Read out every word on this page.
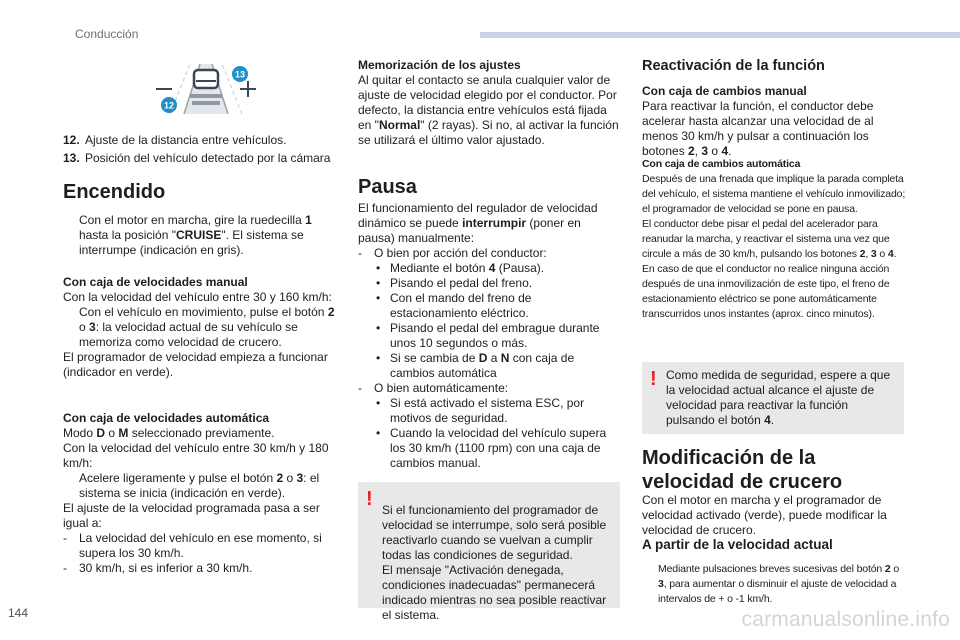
Conducción
12
13
12. Ajuste de la distancia entre vehículos.
13. Posición del vehículo detectado por la cámara
Encendido
Con el motor en marcha, gire la ruedecilla 1 hasta la posición "CRUISE". El sistema se interrumpe (indicación en gris).

Con caja de velocidades manual

Con la velocidad del vehículo entre 30 y 160 km/h:

Con el vehículo en movimiento, pulse el botón 2 o 3: la velocidad actual de su vehículo se memoriza como velocidad de crucero.

El programador de velocidad empieza a funcionar (indicador en verde).

Con caja de velocidades automática

Modo D o M seleccionado previamente.

Con la velocidad del vehículo entre 30 km/h y 180 km/h:

Acelere ligeramente y pulse el botón 2 o 3: el sistema se inicia (indicación en verde).

El ajuste de la velocidad programada pasa a ser igual a:

- La velocidad del vehículo en ese momento, si supera los 30 km/h.
- 30 km/h, si es inferior a 30 km/h.

Memorización de los ajustes

Al quitar el contacto se anula cualquier valor de ajuste de velocidad elegido por el conductor. Por defecto, la distancia entre vehículos está fijada en "Normal" (2 rayas). Si no, al activar la función se utilizará el último valor ajustado.

Pausa

El funcionamiento del regulador de velocidad dinámico se puede interrumpir (poner en pausa) manualmente:

- O bien por acción del conductor:
• Mediante el botón 4 (Pausa).
• Pisando el pedal del freno.
• Con el mando del freno de estacionamiento eléctrico.
• Pisando el pedal del embrague durante unos 10 segundos o más.
• Si se cambia de D a N con caja de cambios automática
- O bien automáticamente:
• Si está activado el sistema ESC, por motivos de seguridad.
• Cuando la velocidad del vehículo supera los 30 km/h (1100 rpm) con una caja de cambios manual.

! Si el funcionamiento del programador de velocidad se interrumpe, solo será posible reactivarlo cuando se vuelvan a cumplir todas las condiciones de seguridad.
El mensaje "Activación denegada, condiciones inadecuadas" permanecerá indicado mientras no sea posible reactivar el sistema.

Reactivación de la función

Con caja de cambios manual

Para reactivar la función, el conductor debe acelerar hasta alcanzar una velocidad de al menos 30 km/h y pulsar a continuación los botones 2, 3 o 4.

Con caja de cambios automática

Después de una frenada que implique la parada completa del vehículo, el sistema mantiene el vehículo inmovilizado; el programador de velocidad se pone en pausa.

El conductor debe pisar el pedal del acelerador para reanudar la marcha, y reactivar el sistema una vez que circule a más de 30 km/h, pulsando los botones 2, 3 o 4.

En caso de que el conductor no realice ninguna acción después de una inmovilización de este tipo, el freno de estacionamiento eléctrico se pone automáticamente transcurridos unos instantes (aprox. cinco minutos).

! Como medida de seguridad, espere a que la velocidad actual alcance el ajuste de velocidad para reactivar la función pulsando el botón 4.
Modificación de la velocidad de crucero
Con el motor en marcha y el programador de velocidad activado (verde), puede modificar la velocidad de crucero.
A partir de la velocidad actual
Mediante pulsaciones breves sucesivas del botón 2 o 3, para aumentar o disminuir el ajuste de velocidad a intervalos de + o -1 km/h.
144	carmanualsonline.info
